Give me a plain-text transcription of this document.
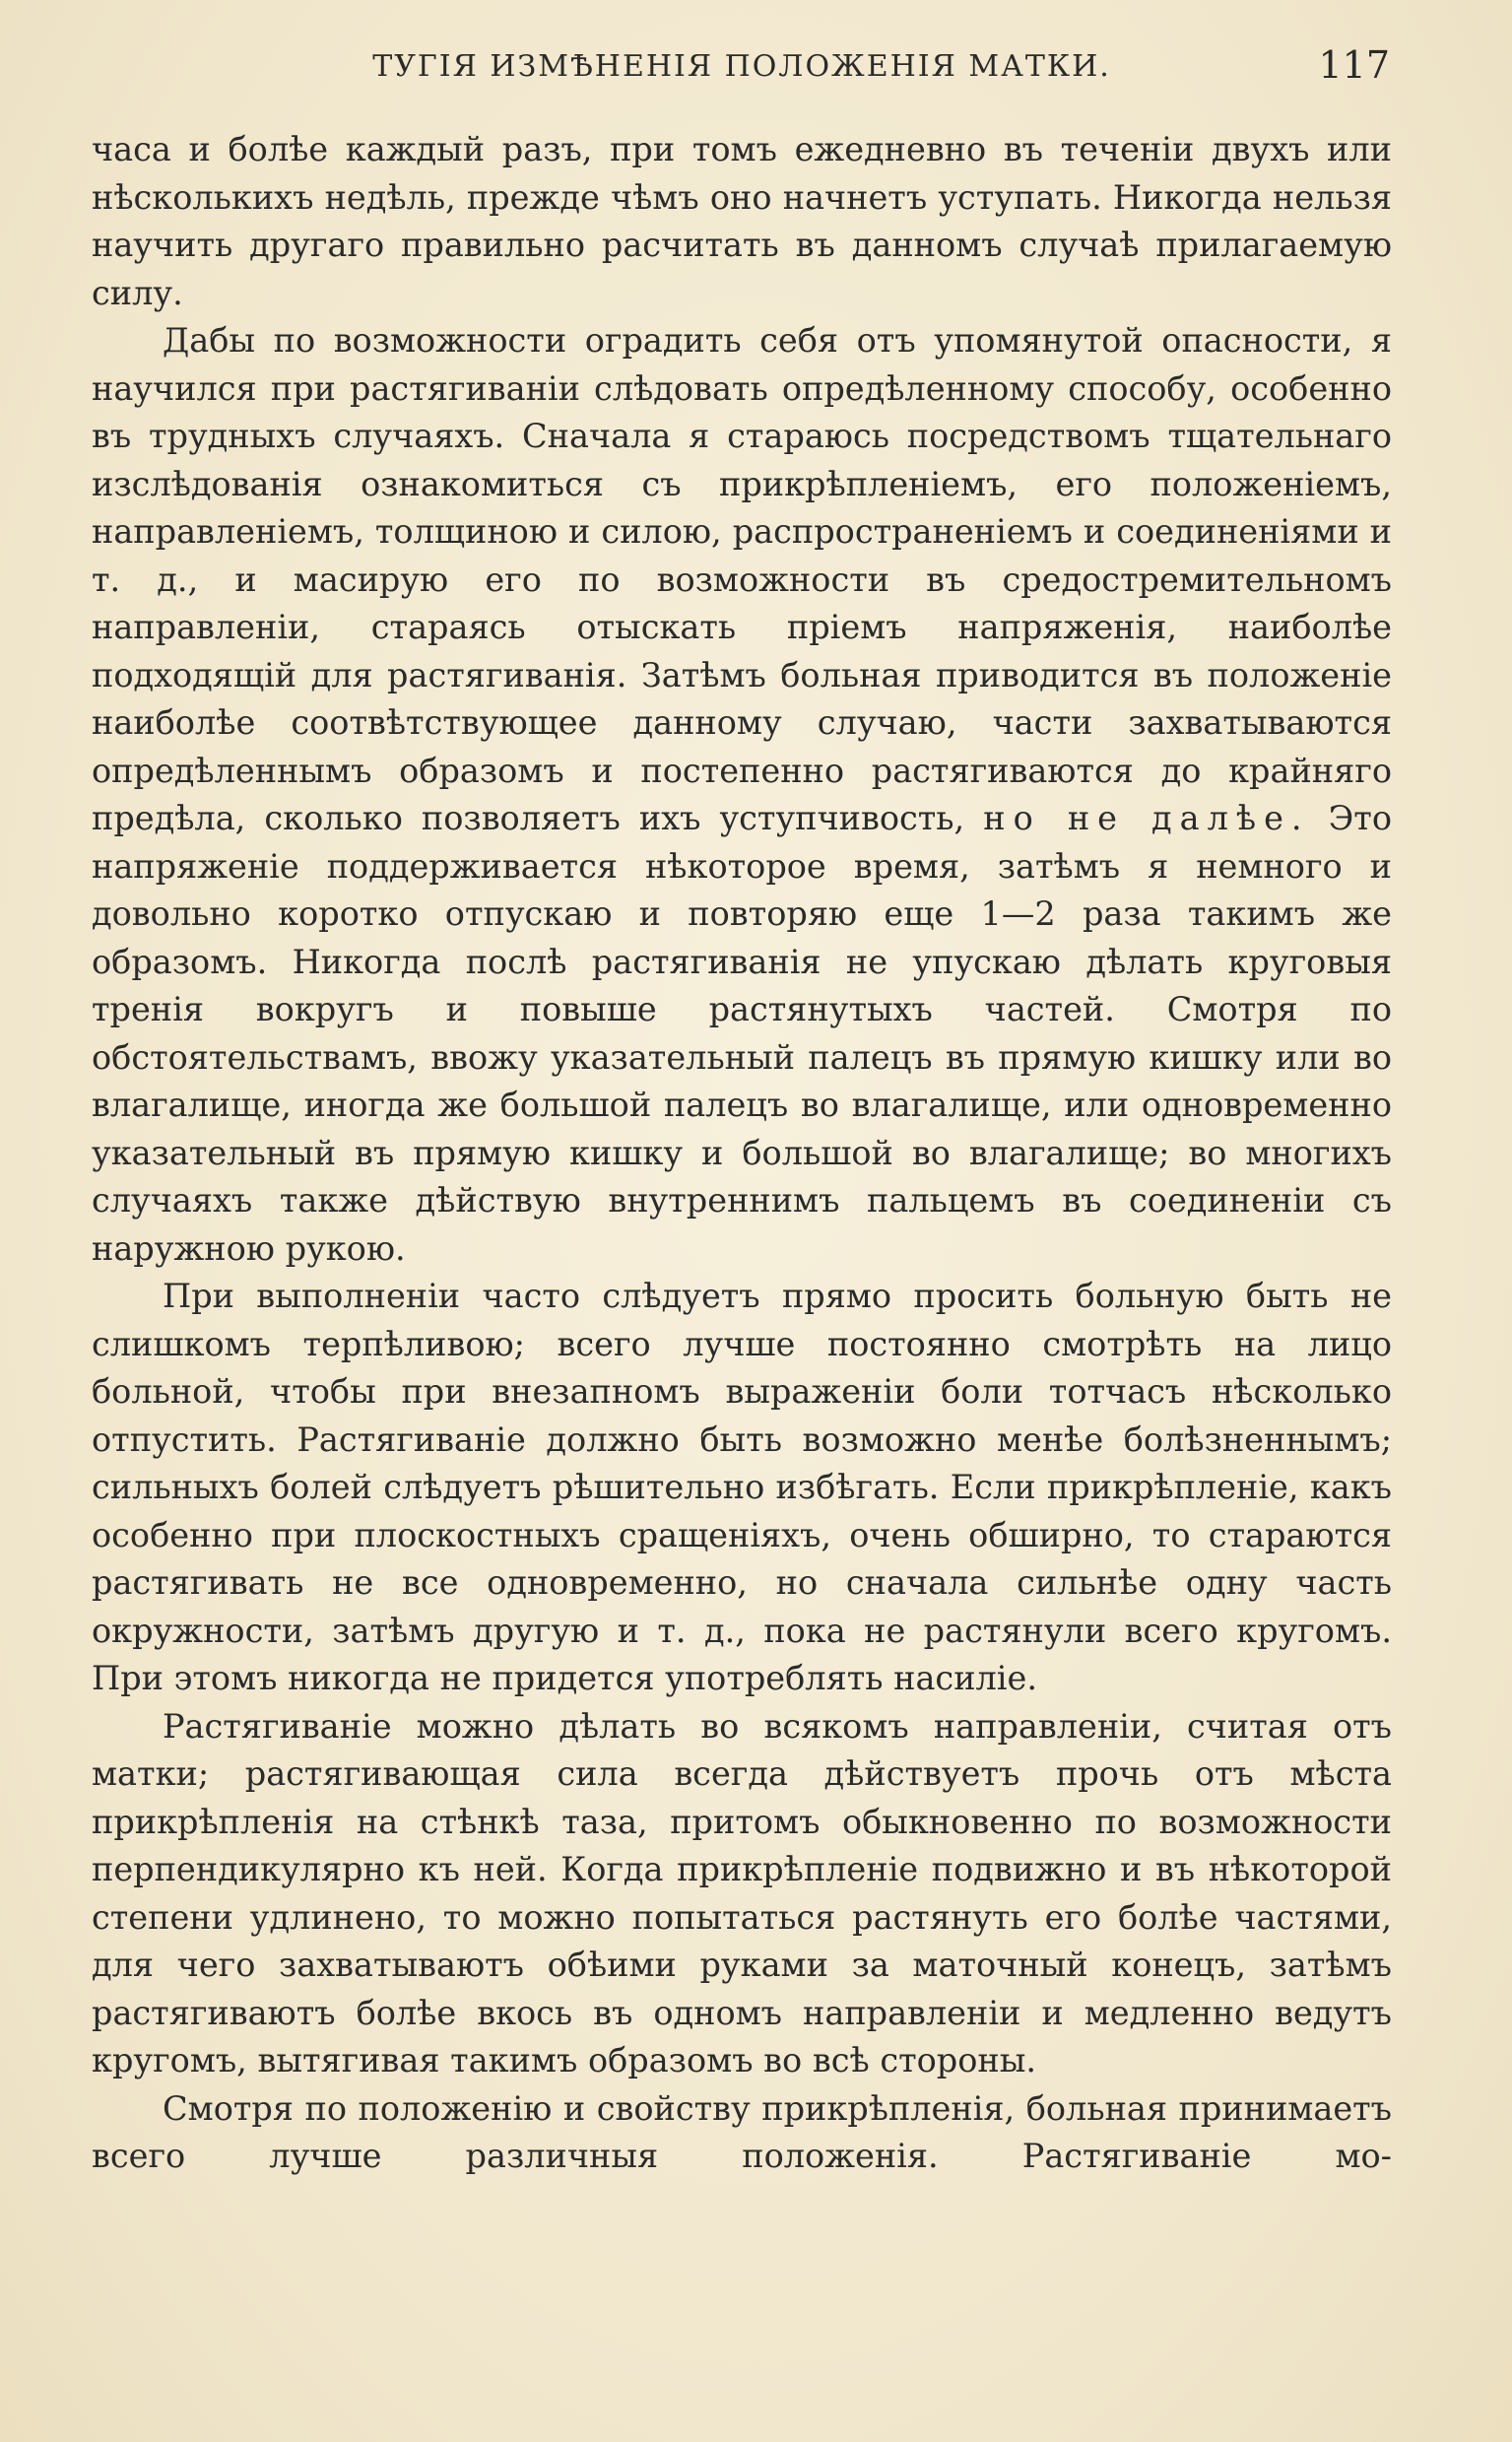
ТУГІЯ ИЗМѢНЕНІЯ ПОЛОЖЕНІЯ МАТКИ.	117

часа и болѣе каждый разъ, при томъ ежедневно въ теченіи двухъ или нѣсколькихъ недѣль, прежде чѣмъ оно начнетъ уступать. Никогда нельзя научить другаго правильно расчитать въ данномъ случаѣ прилагаемую силу.

Дабы по возможности оградить себя отъ упомянутой опасности, я научился при растягиваніи слѣдовать опредѣленному способу, особенно въ трудныхъ случаяхъ. Сначала я стараюсь посредствомъ тщательнаго изслѣдованія ознакомиться съ прикрѣпленіемъ, его положеніемъ, направленіемъ, толщиною и силою, распространеніемъ и соединеніями и т. д., и масирую его по возможности въ средостремительномъ направленіи, стараясь отыскать пріемъ напряженія, наиболѣе подходящій для растягиванія. Затѣмъ больная приводится въ положеніе наиболѣе соотвѣтствующее данному случаю, части захватываются опредѣленнымъ образомъ и постепенно растягиваются до крайняго предѣла, сколько позволяетъ ихъ уступчивость, но не далѣе. Это напряженіе поддерживается нѣкоторое время, затѣмъ я немного и довольно коротко отпускаю и повторяю еще 1—2 раза такимъ же образомъ. Никогда послѣ растягиванія не упускаю дѣлать круговыя тренія вокругъ и повыше растянутыхъ частей. Смотря по обстоятельствамъ, ввожу указательный палецъ въ прямую кишку или во влагалище, иногда же большой палецъ во влагалище, или одновременно указательный въ прямую кишку и большой во влагалище; во многихъ случаяхъ также дѣйствую внутреннимъ пальцемъ въ соединеніи съ наружною рукою.

При выполненіи часто слѣдуетъ прямо просить больную быть не слишкомъ терпѣливою; всего лучше постоянно смотрѣть на лицо больной, чтобы при внезапномъ выраженіи боли тотчасъ нѣсколько отпустить. Растягиваніе должно быть возможно менѣе болѣзненнымъ; сильныхъ болей слѣдуетъ рѣшительно избѣгать. Если прикрѣпленіе, какъ особенно при плоскостныхъ сращеніяхъ, очень обширно, то стараются растягивать не все одновременно, но сначала сильнѣе одну часть окружности, затѣмъ другую и т. д., пока не растянули всего кругомъ. При этомъ никогда не придется употреблять насиліе.

Растягиваніе можно дѣлать во всякомъ направленіи, считая отъ матки; растягивающая сила всегда дѣйствуетъ прочь отъ мѣста прикрѣпленія на стѣнкѣ таза, притомъ обыкновенно по возможности перпендикулярно къ ней. Когда прикрѣпленіе подвижно и въ нѣкоторой степени удлинено, то можно попытаться растянуть его болѣе частями, для чего захватываютъ обѣими руками за маточный конецъ, затѣмъ растягиваютъ болѣе вкось въ одномъ направленіи и медленно ведутъ кругомъ, вытягивая такимъ образомъ во всѣ стороны.

Смотря по положенію и свойству прикрѣпленія, больная принимаетъ всего лучше различныя положенія. Растягиваніе мо-
